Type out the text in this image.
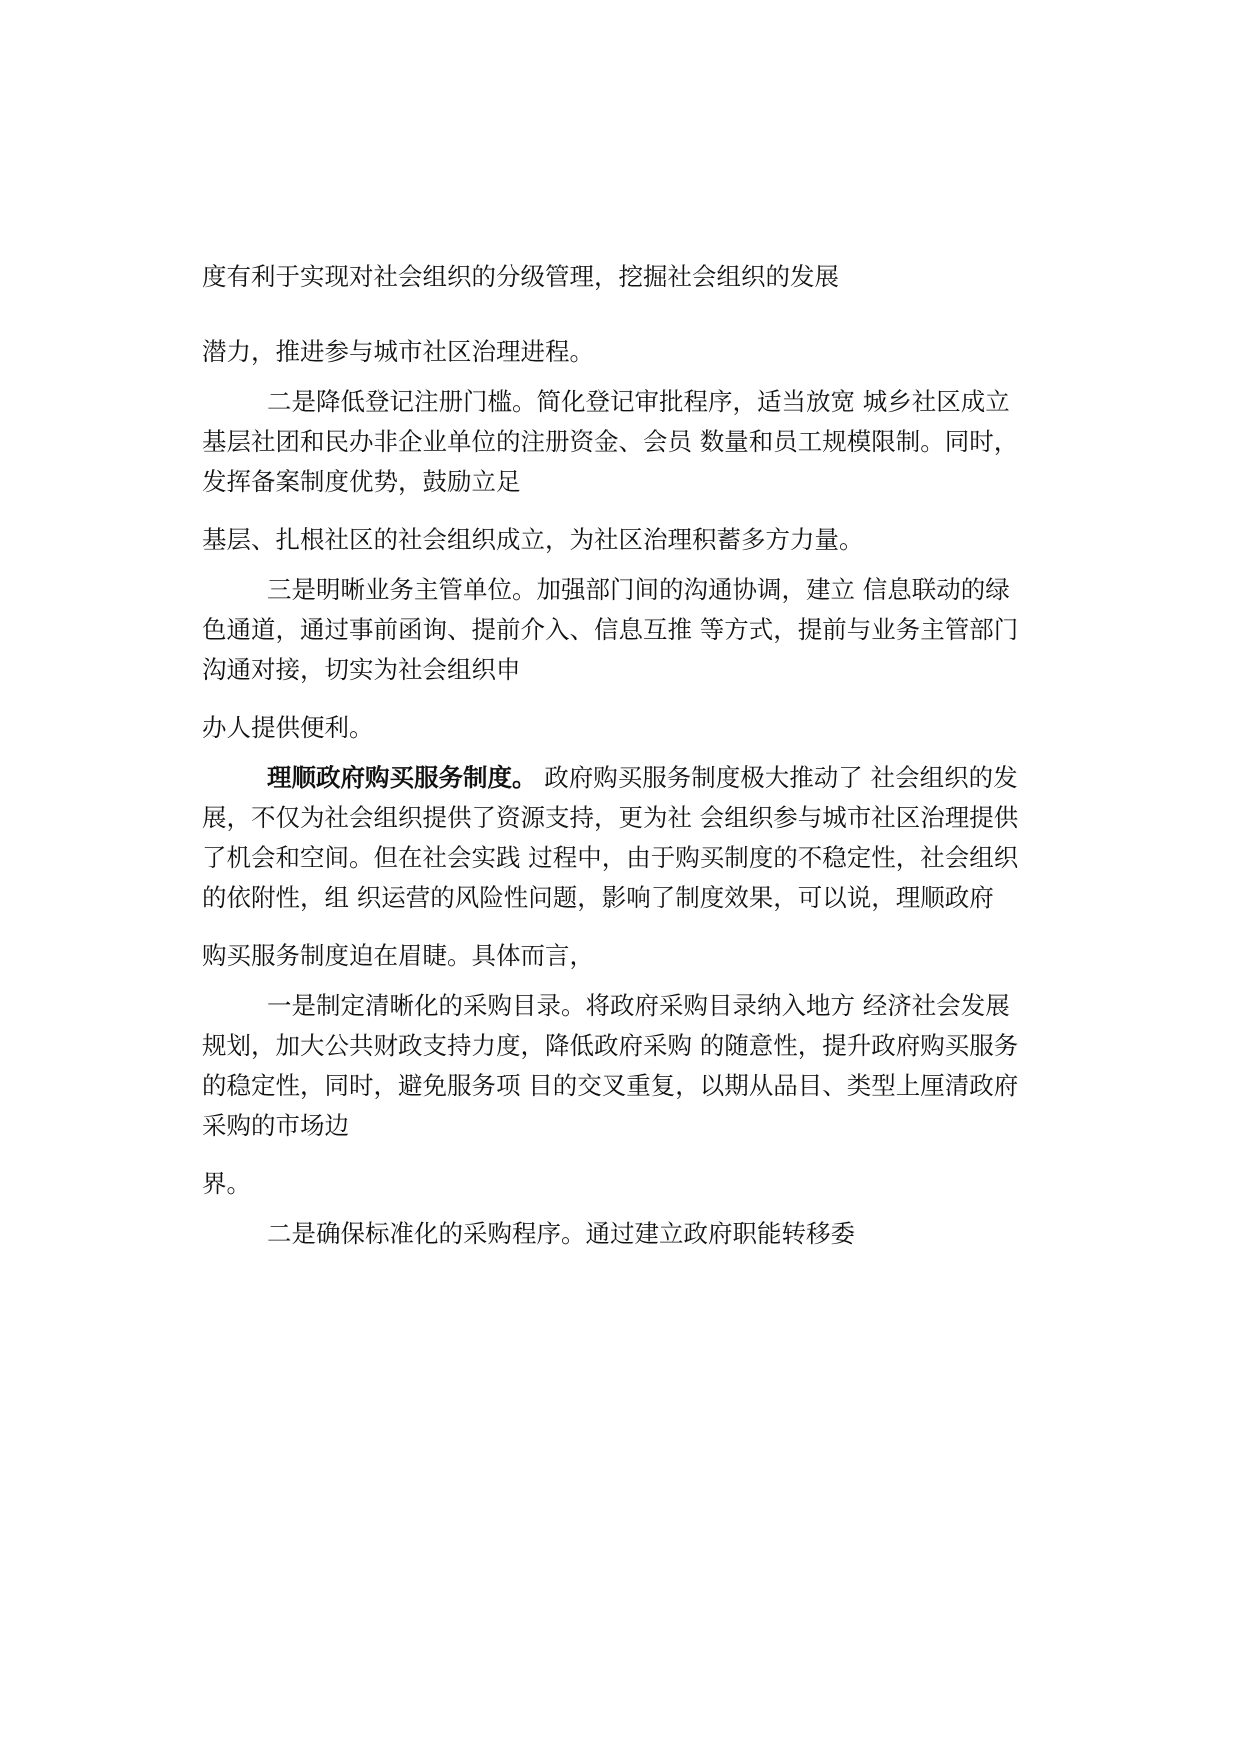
度有利于实现对社会组织的分级管理，挖掘社会组织的发展
潜力，推进参与城市社区治理进程。
二是降低登记注册门槛。简化登记审批程序，适当放宽 城乡社区成立
基层社团和民办非企业单位的注册资金、会员 数量和员工规模限制。同时，
发挥备案制度优势，鼓励立足
基层、扎根社区的社会组织成立，为社区治理积蓄多方力量。
三是明晰业务主管单位。加强部门间的沟通协调，建立 信息联动的绿
色通道，通过事前函询、提前介入、信息互推 等方式，提前与业务主管部门
沟通对接，切实为社会组织申
办人提供便利。
理顺政府购买服务制度。 政府购买服务制度极大推动了 社会组织的发
展，不仅为社会组织提供了资源支持，更为社 会组织参与城市社区治理提供
了机会和空间。但在社会实践 过程中，由于购买制度的不稳定性，社会组织
的依附性，组 织运营的风险性问题，影响了制度效果，可以说，理顺政府
购买服务制度迫在眉睫。具体而言，
一是制定清晰化的采购目录。将政府采购目录纳入地方 经济社会发展
规划，加大公共财政支持力度，降低政府采购 的随意性，提升政府购买服务
的稳定性，同时，避免服务项 目的交叉重复，以期从品目、类型上厘清政府
采购的市场边
界。
二是确保标准化的采购程序。通过建立政府职能转移委
